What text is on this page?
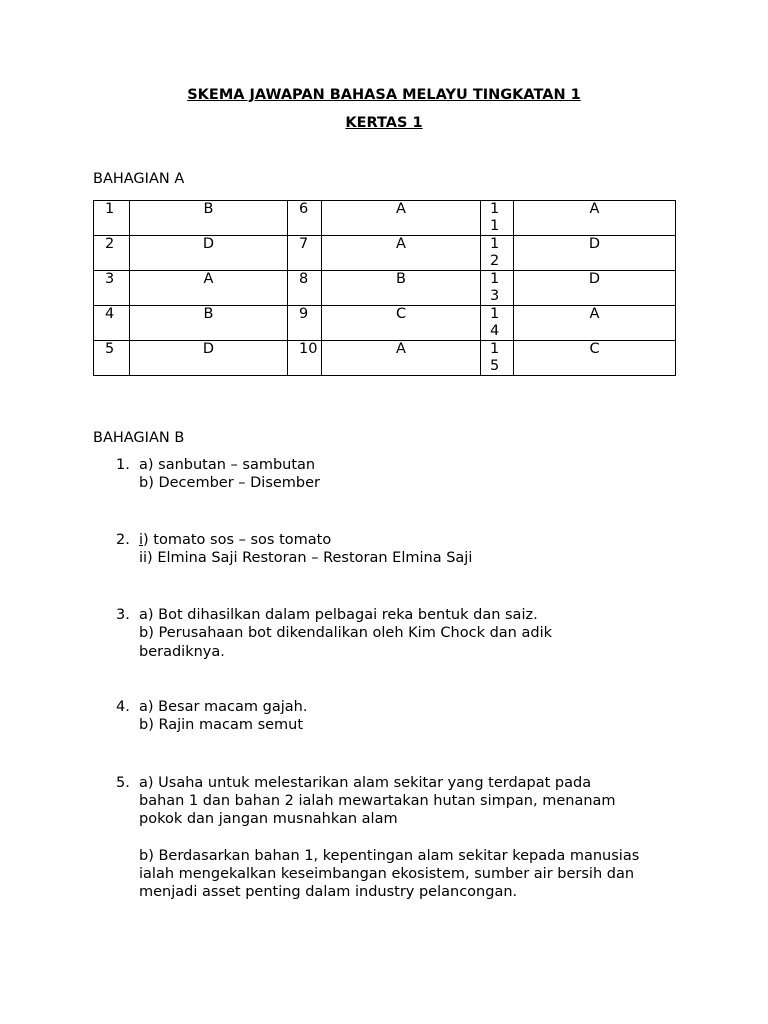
SKEMA JAWAPAN BAHASA MELAYU TINGKATAN 1
KERTAS 1
BAHAGIAN A
1	B	6	A	11	A
2	D	7	A	12	D
3	A	8	B	13	D
4	B	9	C	14	A
5	D	10	A	15	C
BAHAGIAN B
1. a) sanbutan – sambutan
b) December – Disember
2. i) tomato sos – sos tomato
ii) Elmina Saji Restoran – Restoran Elmina Saji
3. a) Bot dihasilkan dalam pelbagai reka bentuk dan saiz.
b) Perusahaan bot dikendalikan oleh Kim Chock dan adik
beradiknya.
4. a) Besar macam gajah.
b) Rajin macam semut
5. a) Usaha untuk melestarikan alam sekitar yang terdapat pada
bahan 1 dan bahan 2 ialah mewartakan hutan simpan, menanam
pokok dan jangan musnahkan alam
b) Berdasarkan bahan 1, kepentingan alam sekitar kepada manusias
ialah mengekalkan keseimbangan ekosistem, sumber air bersih dan
menjadi asset penting dalam industry pelancongan.
